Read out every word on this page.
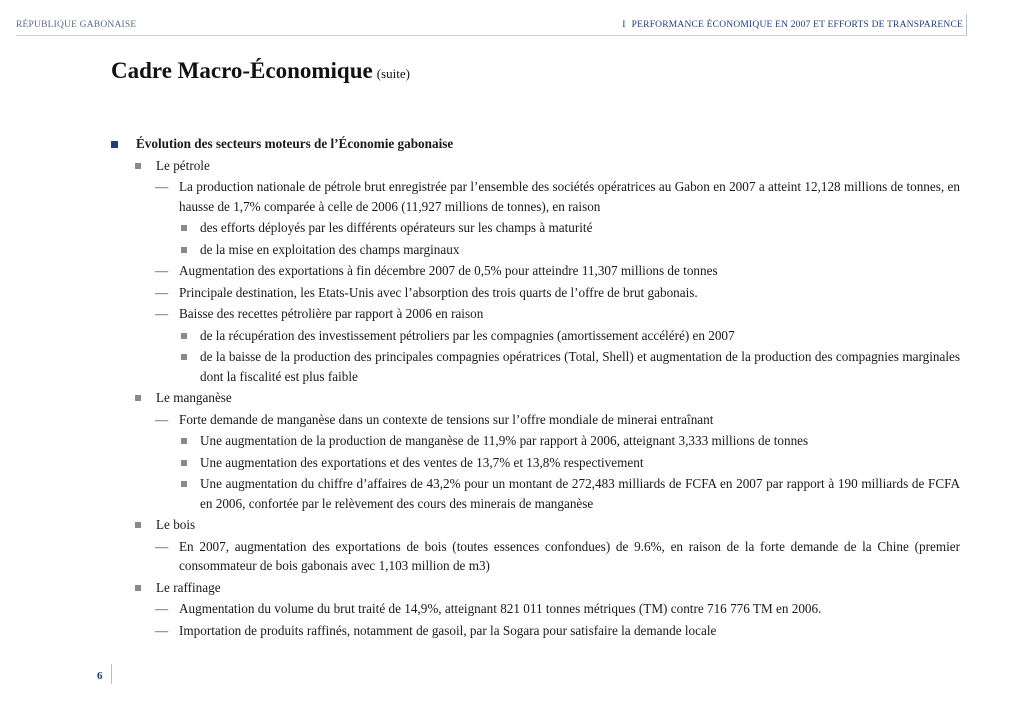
RÉPUBLIQUE GABONAISE	I PERFORMANCE ÉCONOMIQUE EN 2007 ET EFFORTS DE TRANSPARENCE
Cadre Macro-Économique (suite)
Évolution des secteurs moteurs de l’Économie gabonaise
Le pétrole
— La production nationale de pétrole brut enregistrée par l’ensemble des sociétés opératrices au Gabon en 2007 a atteint 12,128 millions de tonnes, en hausse de 1,7% comparée à celle de 2006 (11,927 millions de tonnes), en raison
des efforts déployés par les différents opérateurs sur les champs à maturité
de la mise en exploitation des champs marginaux
— Augmentation des exportations à fin décembre 2007 de 0,5% pour atteindre 11,307 millions de tonnes
— Principale destination, les Etats-Unis avec l’absorption des trois quarts de l’offre de brut gabonais.
— Baisse des recettes pétrolière par rapport à 2006 en raison
de la récupération des investissement pétroliers par les compagnies (amortissement accéléré) en 2007
de la baisse de la production des principales compagnies opératrices (Total, Shell) et augmentation de la production des compagnies marginales dont la fiscalité est plus faible
Le manganèse
— Forte demande de manganèse dans un contexte de tensions sur l’offre mondiale de minerai entraînant
Une augmentation de la production de manganèse de 11,9% par rapport à 2006, atteignant 3,333 millions de tonnes
Une augmentation des exportations et des ventes de 13,7% et 13,8% respectivement
Une augmentation du chiffre d’affaires de 43,2% pour un montant de 272,483 milliards de FCFA en 2007 par rapport à 190 milliards de FCFA en 2006, confortée par le relèvement des cours des minerais de manganèse
Le bois
— En 2007, augmentation des exportations de bois (toutes essences confondues) de 9.6%, en raison de la forte demande de la Chine (premier consommateur de bois gabonais avec 1,103 million de m3)
Le raffinage
— Augmentation du volume du brut traité de 14,9%, atteignant 821 011 tonnes métriques (TM) contre 716 776 TM en 2006.
— Importation de produits raffinés, notamment de gasoil, par la Sogara pour satisfaire la demande locale
6
